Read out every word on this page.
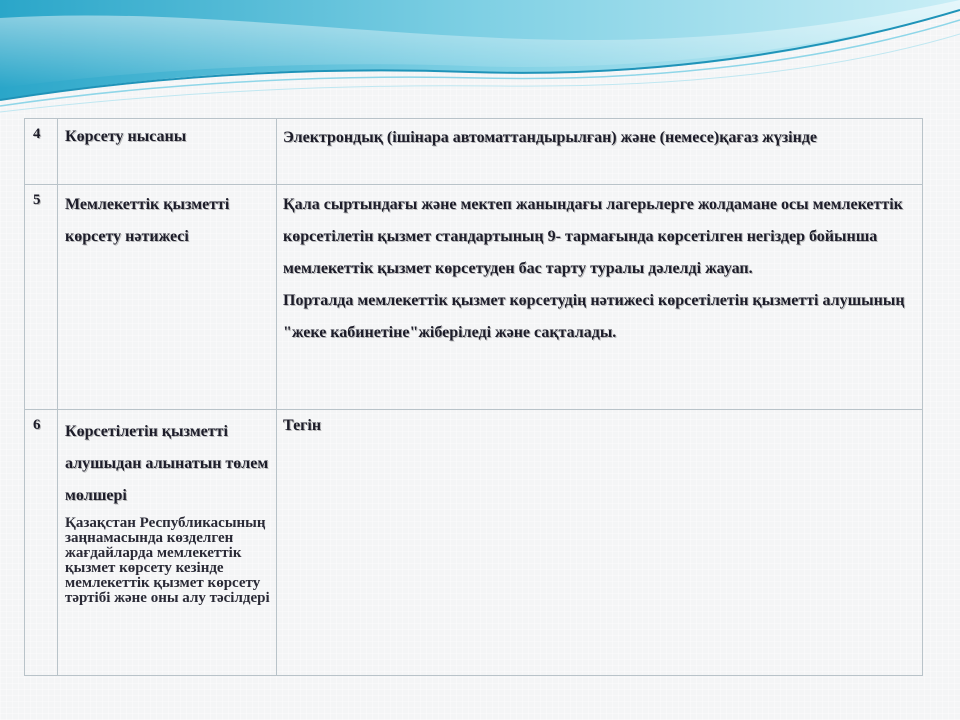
4 Көрсету нысаны	Электрондық (ішінара автоматтандырылған) және (немесе)қағаз жүзінде
5 Мемлекеттік қызметті көрсету нәтижесі
Қала сыртындағы және мектеп жанындағы лагерьлерге жолдамане осы мемлекеттік көрсетілетін қызмет стандартының 9- тармағында көрсетілген негіздер бойынша мемлекеттік қызмет көрсетуден бас тарту туралы дәлелді жауап.
Порталда мемлекеттік қызмет көрсетудің нәтижесі көрсетілетін қызметті алушының "жеке кабинетіне"жіберіледі және сақталады.
6 Көрсетілетін қызметті алушыдан алынатын төлем мөлшері
Қазақстан Республикасының заңнамасында көзделген жағдайларда мемлекеттік қызмет көрсету кезінде мемлекеттік қызмет көрсету тәртібі және оны алу тәсілдері
Тегін
